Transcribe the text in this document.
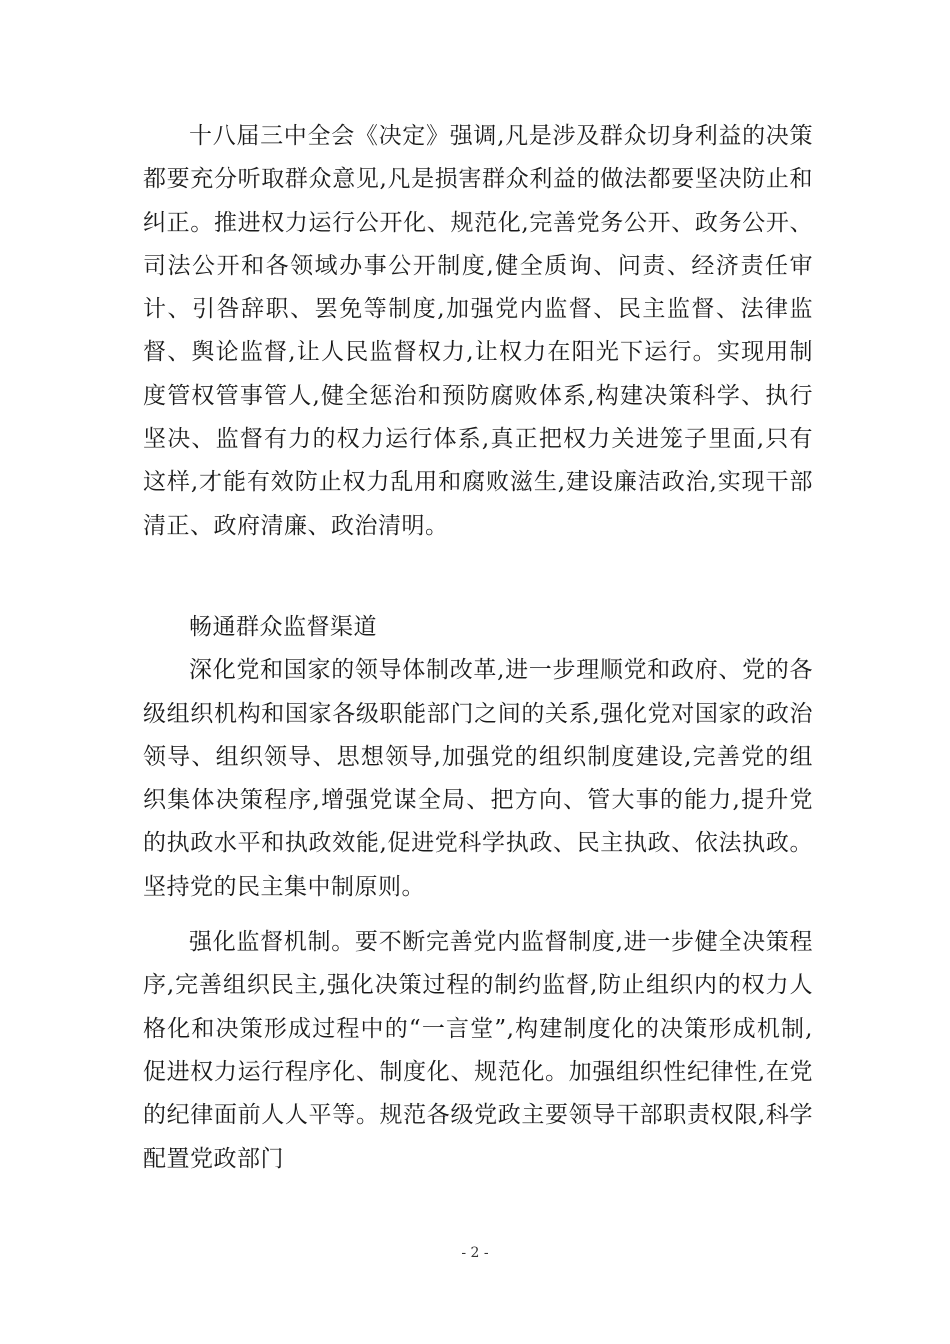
十八届三中全会《决定》强调,凡是涉及群众切身利益的决策都要充分听取群众意见,凡是损害群众利益的做法都要坚决防止和纠正。推进权力运行公开化、规范化,完善党务公开、政务公开、司法公开和各领域办事公开制度,健全质询、问责、经济责任审计、引咎辞职、罢免等制度,加强党内监督、民主监督、法律监督、舆论监督,让人民监督权力,让权力在阳光下运行。实现用制度管权管事管人,健全惩治和预防腐败体系,构建决策科学、执行坚决、监督有力的权力运行体系,真正把权力关进笼子里面,只有这样,才能有效防止权力乱用和腐败滋生,建设廉洁政治,实现干部清正、政府清廉、政治清明。

畅通群众监督渠道

深化党和国家的领导体制改革,进一步理顺党和政府、党的各级组织机构和国家各级职能部门之间的关系,强化党对国家的政治领导、组织领导、思想领导,加强党的组织制度建设,完善党的组织集体决策程序,增强党谋全局、把方向、管大事的能力,提升党的执政水平和执政效能,促进党科学执政、民主执政、依法执政。坚持党的民主集中制原则。

强化监督机制。要不断完善党内监督制度,进一步健全决策程序,完善组织民主,强化决策过程的制约监督,防止组织内的权力人格化和决策形成过程中的“一言堂”,构建制度化的决策形成机制,促进权力运行程序化、制度化、规范化。加强组织性纪律性,在党的纪律面前人人平等。规范各级党政主要领导干部职责权限,科学配置党政部门

- 2 -
